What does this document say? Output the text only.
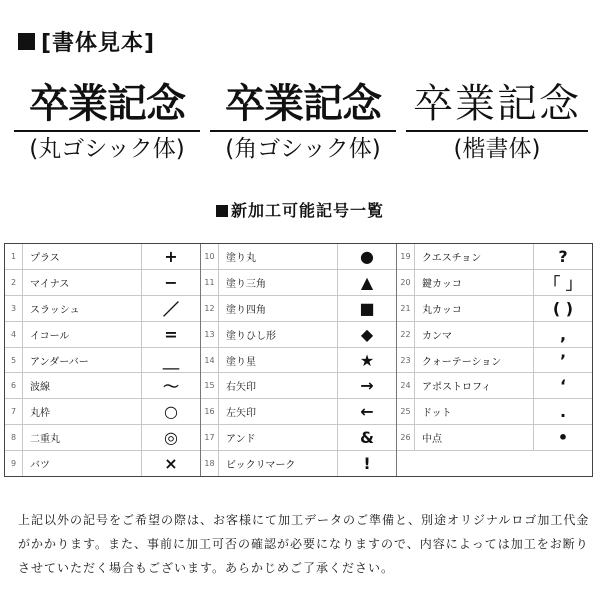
[書体見本]
卒業記念
(丸ゴシック体)
卒業記念
(角ゴシック体)
卒業記念
(楷書体)
新加工可能記号一覧
1	プラス	+
2	マイナス	−
3	スラッシュ	／
4	イコール	=
5	アンダーバー	＿
6	波線	〜
7	丸枠	○
8	二重丸	◎
9	バツ	×
10	塗り丸	●
11	塗り三角	▲
12	塗り四角	■
13	塗りひし形	◆
14	塗り星	★
15	右矢印	→
16	左矢印	←
17	アンド	&
18	ビックリマーク	!
19	クエスチョン	?
20	鍵カッコ	「 」
21	丸カッコ	( )
22	カンマ	,
23	クォーテーション	’
24	アポストロフィ	‘
25	ドット	.
26	中点	•
上記以外の記号をご希望の際は、お客様にて加工データのご準備と、別途オリジナルロゴ加工代金がかかります。また、事前に加工可否の確認が必要になりますので、内容によっては加工をお断りさせていただく場合もございます。あらかじめご了承ください。
